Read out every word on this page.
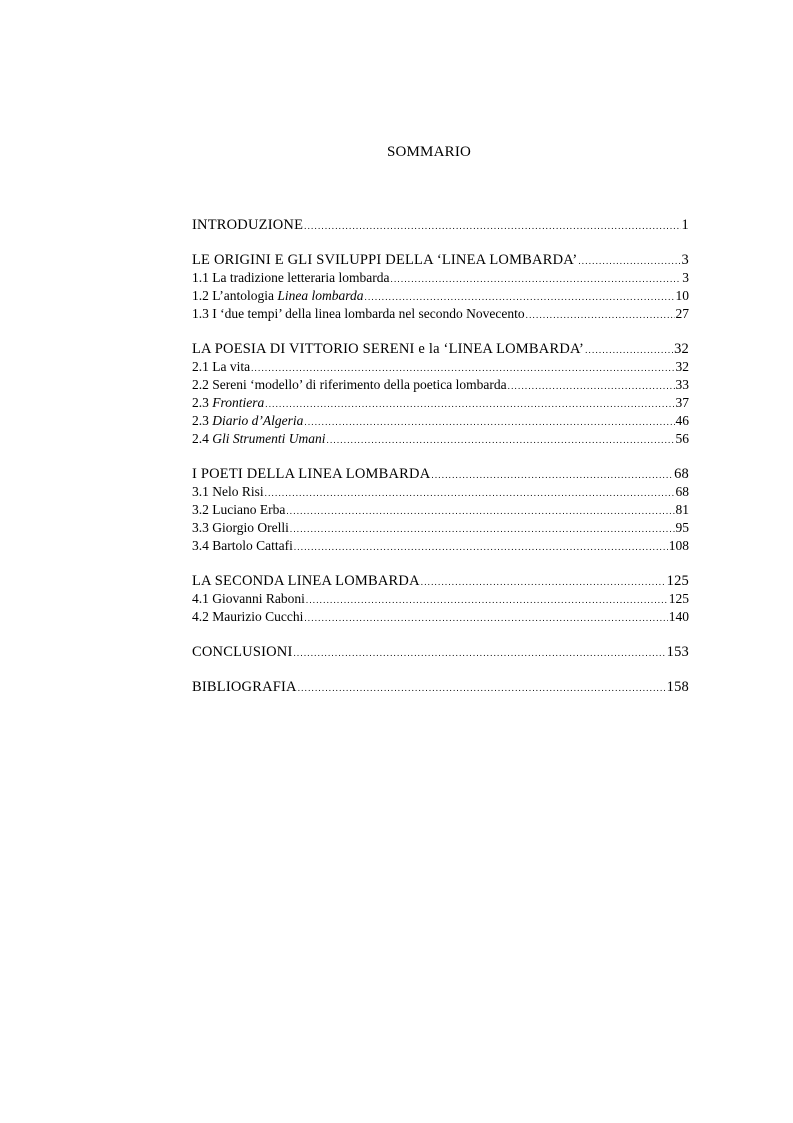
SOMMARIO
INTRODUZIONE .....	1
LE ORIGINI E GLI SVILUPPI DELLA ‘LINEA LOMBARDA’ .....	3
1.1 La tradizione letteraria lombarda .....	3
1.2 L’antologia Linea lombarda .....	10
1.3 I ‘due tempi’ della linea lombarda nel secondo Novecento .....	27
LA POESIA DI VITTORIO SERENI e la ‘LINEA LOMBARDA’ .....	32
2.1 La vita .....	32
2.2 Sereni ‘modello’ di riferimento della poetica lombarda .....	33
2.3 Frontiera .....	37
2.3 Diario d’Algeria .....	46
2.4 Gli Strumenti Umani .....	56
I POETI DELLA LINEA LOMBARDA .....	68
3.1 Nelo Risi .....	68
3.2 Luciano Erba .....	81
3.3 Giorgio Orelli .....	95
3.4 Bartolo Cattafi .....	108
LA SECONDA LINEA LOMBARDA .....	125
4.1 Giovanni Raboni .....	125
4.2 Maurizio Cucchi .....	140
CONCLUSIONI .....	153
BIBLIOGRAFIA .....	158
